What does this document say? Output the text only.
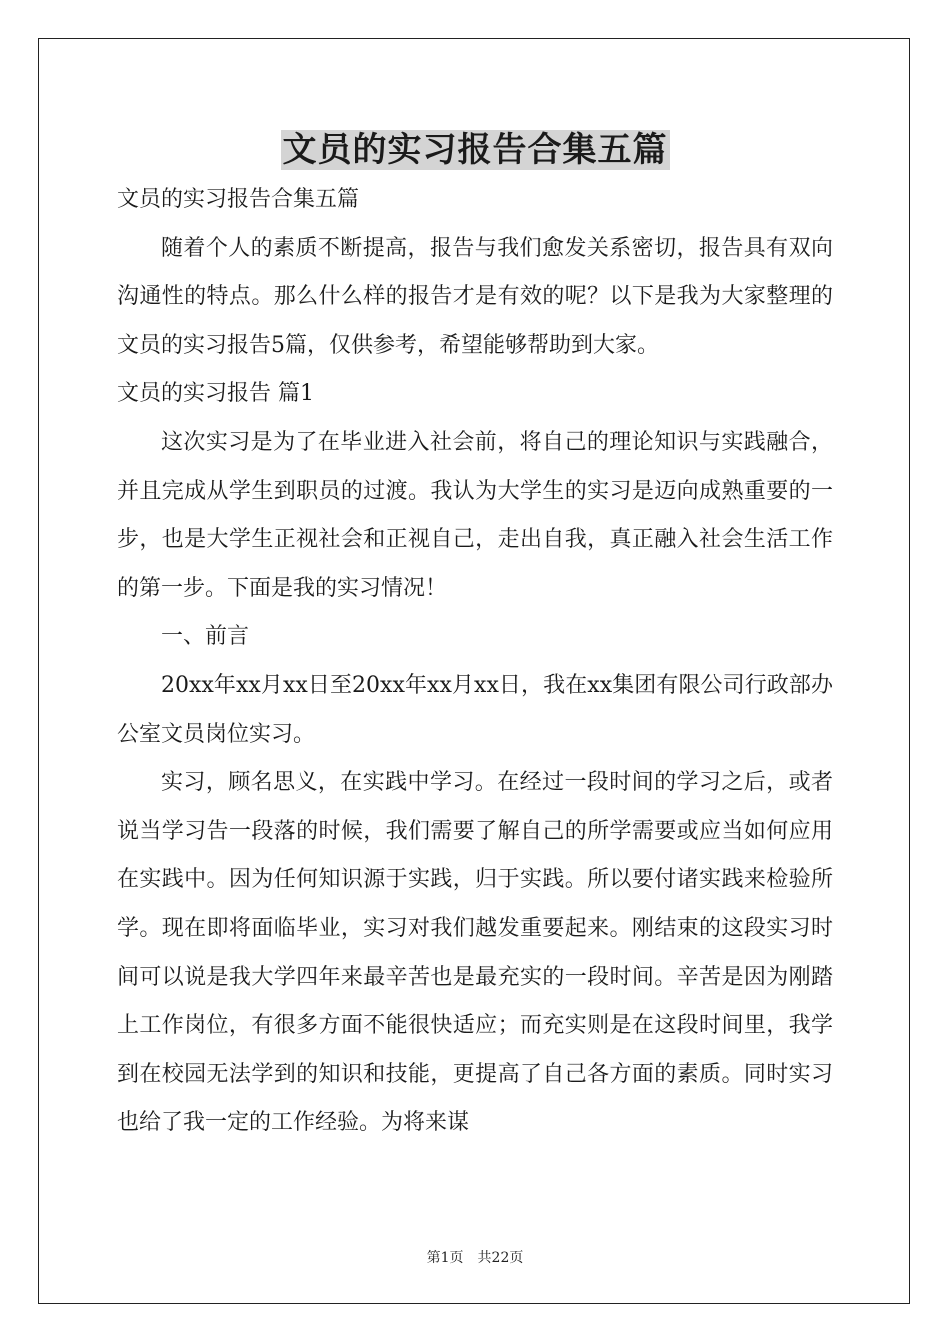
文员的实习报告合集五篇

文员的实习报告合集五篇

随着个人的素质不断提高，报告与我们愈发关系密切，报告具有双向沟通性的特点。那么什么样的报告才是有效的呢？以下是我为大家整理的文员的实习报告5篇，仅供参考，希望能够帮助到大家。

文员的实习报告 篇1

这次实习是为了在毕业进入社会前，将自己的理论知识与实践融合，并且完成从学生到职员的过渡。我认为大学生的实习是迈向成熟重要的一步，也是大学生正视社会和正视自己，走出自我，真正融入社会生活工作的第一步。下面是我的实习情况！

一、前言

20xx年xx月xx日至20xx年xx月xx日，我在xx集团有限公司行政部办公室文员岗位实习。

实习，顾名思义，在实践中学习。在经过一段时间的学习之后，或者说当学习告一段落的时候，我们需要了解自己的所学需要或应当如何应用在实践中。因为任何知识源于实践，归于实践。所以要付诸实践来检验所学。现在即将面临毕业，实习对我们越发重要起来。刚结束的这段实习时间可以说是我大学四年来最辛苦也是最充实的一段时间。辛苦是因为刚踏上工作岗位，有很多方面不能很快适应；而充实则是在这段时间里，我学到在校园无法学到的知识和技能，更提高了自己各方面的素质。同时实习也给了我一定的工作经验。为将来谋

第1页 共22页
